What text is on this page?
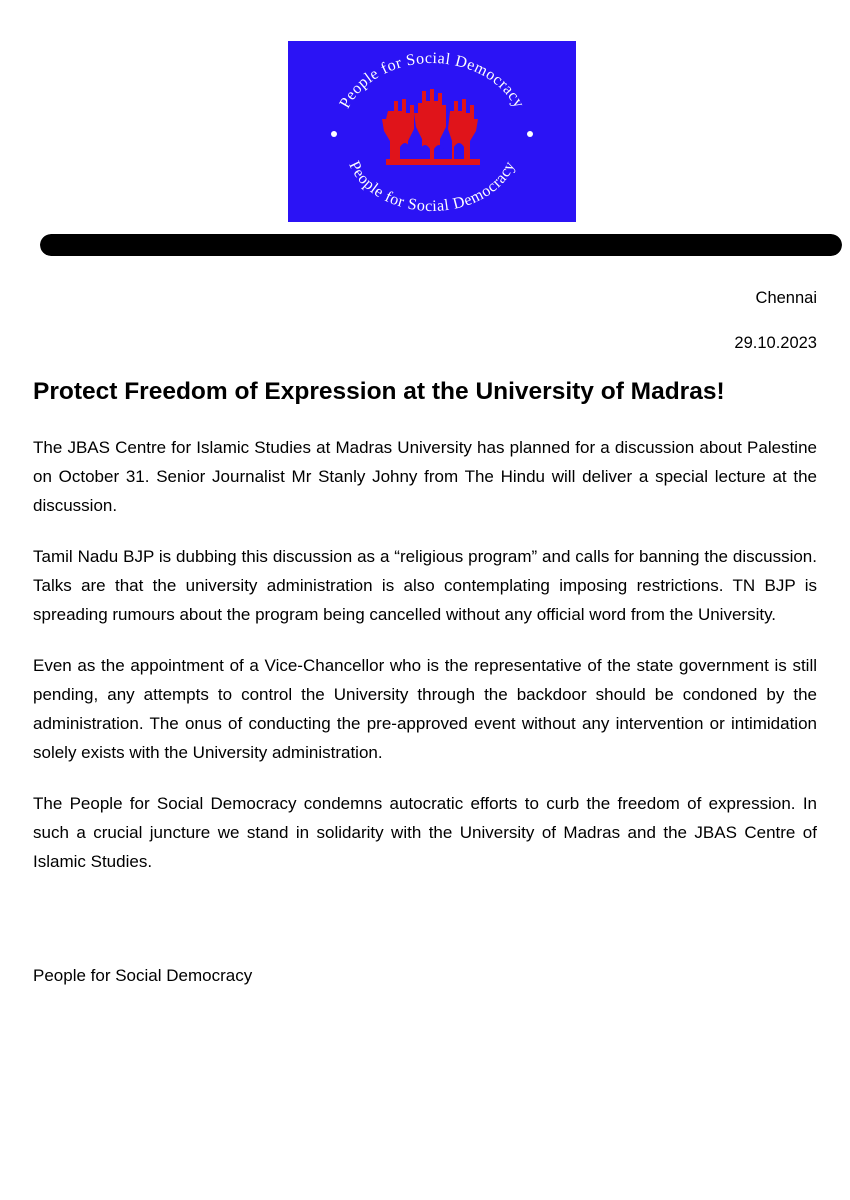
People for Social Democracy
People for Social Democracy

Chennai

29.10.2023

Protect Freedom of Expression at the University of Madras!

The JBAS Centre for Islamic Studies at Madras University has planned for a discussion about Palestine on October 31. Senior Journalist Mr Stanly Johny from The Hindu will deliver a special lecture at the discussion.

Tamil Nadu BJP is dubbing this discussion as a “religious program” and calls for banning the discussion. Talks are that the university administration is also contemplating imposing restrictions. TN BJP is spreading rumours about the program being cancelled without any official word from the University.

Even as the appointment of a Vice-Chancellor who is the representative of the state government is still pending, any attempts to control the University through the backdoor should be condoned by the administration. The onus of conducting the pre-approved event without any intervention or intimidation solely exists with the University administration.

The People for Social Democracy condemns autocratic efforts to curb the freedom of expression. In such a crucial juncture we stand in solidarity with the University of Madras and the JBAS Centre of Islamic Studies.

People for Social Democracy
